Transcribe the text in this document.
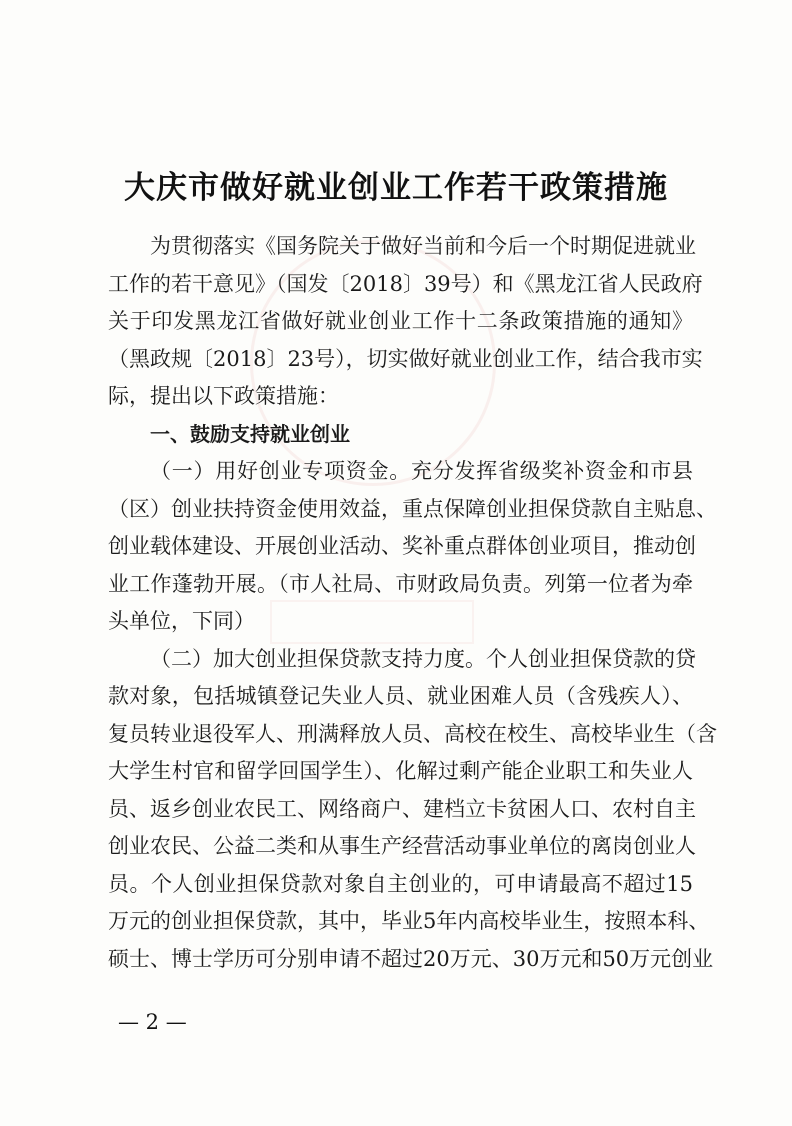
大庆市做好就业创业工作若干政策措施
为贯彻落实《国务院关于做好当前和今后一个时期促进就业
工作的若干意见》（国发〔2018〕39号）和《黑龙江省人民政府
关于印发黑龙江省做好就业创业工作十二条政策措施的通知》
（黑政规〔2018〕23号），切实做好就业创业工作，结合我市实
际，提出以下政策措施：
一、鼓励支持就业创业
（一）用好创业专项资金。充分发挥省级奖补资金和市县
（区）创业扶持资金使用效益，重点保障创业担保贷款自主贴息、
创业载体建设、开展创业活动、奖补重点群体创业项目，推动创
业工作蓬勃开展。（市人社局、市财政局负责。列第一位者为牵
头单位，下同）
（二）加大创业担保贷款支持力度。个人创业担保贷款的贷
款对象，包括城镇登记失业人员、就业困难人员（含残疾人）、
复员转业退役军人、刑满释放人员、高校在校生、高校毕业生（含
大学生村官和留学回国学生）、化解过剩产能企业职工和失业人
员、返乡创业农民工、网络商户、建档立卡贫困人口、农村自主
创业农民、公益二类和从事生产经营活动事业单位的离岗创业人
员。个人创业担保贷款对象自主创业的，可申请最高不超过15
万元的创业担保贷款，其中，毕业5年内高校毕业生，按照本科、
硕士、博士学历可分别申请不超过20万元、30万元和50万元创业
— 2 —
